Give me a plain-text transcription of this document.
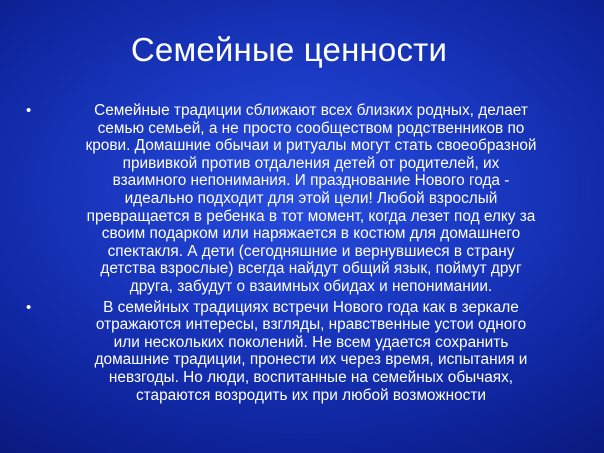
Семейные ценности
•	Семейные традиции сближают всех близких родных, делает
семью семьей, а не просто сообществом родственников по
крови. Домашние обычаи и ритуалы могут стать своеобразной
прививкой против отдаления детей от родителей, их
взаимного непонимания. И празднование Нового года -
идеально подходит для этой цели! Любой взрослый
превращается в ребенка в тот момент, когда лезет под елку за
своим подарком или наряжается в костюм для домашнего
спектакля. А дети (сегодняшние и вернувшиеся в страну
детства взрослые) всегда найдут общий язык, поймут друг
друга, забудут о взаимных обидах и непонимании.
•	В семейных традициях встречи Нового года как в зеркале
отражаются интересы, взгляды, нравственные устои одного
или нескольких поколений. Не всем удается сохранить
домашние традиции, пронести их через время, испытания и
невзгоды. Но люди, воспитанные на семейных обычаях,
стараются возродить их при любой возможности
